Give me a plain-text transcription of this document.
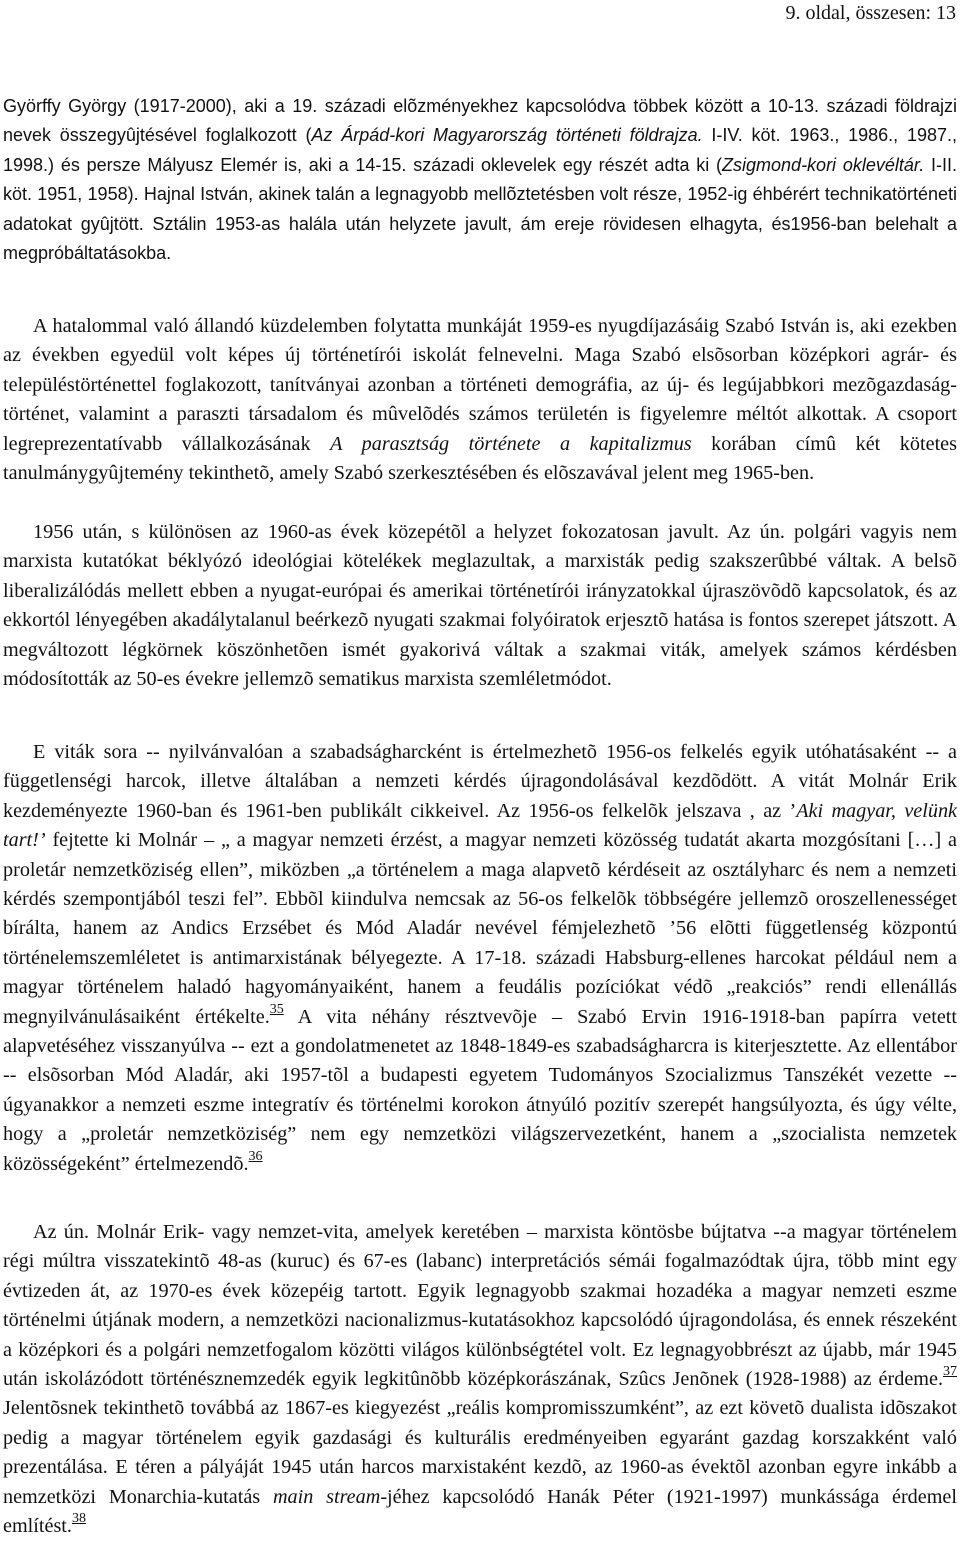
9. oldal, összesen: 13
Györffy György (1917-2000), aki a 19. századi elõzményekhez kapcsolódva többek között a 10-13. századi földrajzi nevek összegyûjtésével foglalkozott (Az Árpád-kori Magyarország történeti földrajza. I-IV. köt. 1963., 1986., 1987., 1998.) és persze Mályusz Elemér is, aki a 14-15. századi oklevelek egy részét adta ki (Zsigmond-kori oklevéltár. I-II. köt. 1951, 1958). Hajnal István, akinek talán a legnagyobb mellõztetésben volt része, 1952-ig éhbérért technikatörténeti adatokat gyûjtött. Sztálin 1953-as halála után helyzete javult, ám ereje rövidesen elhagyta, és1956-ban belehalt a megpróbáltatásokba.
A hatalommal való állandó küzdelemben folytatta munkáját 1959-es nyugdíjazásáig Szabó István is, aki ezekben az években egyedül volt képes új történetírói iskolát felnevelni. Maga Szabó elsõsorban középkori agrár- és településtörténettel foglakozott, tanítványai azonban a történeti demográfia, az új- és legújabbkori mezõgazdaság-történet, valamint a paraszti társadalom és mûvelõdés számos területén is figyelemre méltót alkottak. A csoport legreprezentatívabb vállalkozásának A parasztság története a kapitalizmus korában címû két kötetes tanulmánygyûjtemény tekinthetõ, amely Szabó szerkesztésében és elõszavával jelent meg 1965-ben.
1956 után, s különösen az 1960-as évek közepétõl a helyzet fokozatosan javult. Az ún. polgári vagyis nem marxista kutatókat béklyózó ideológiai kötelékek meglazultak, a marxisták pedig szakszerûbbé váltak. A belsõ liberalizálódás mellett ebben a nyugat-európai és amerikai történetírói irányzatokkal újraszövõdõ kapcsolatok, és az ekkortól lényegében akadálytalanul beérkezõ nyugati szakmai folyóiratok erjesztõ hatása is fontos szerepet játszott. A megváltozott légkörnek köszönhetõen ismét gyakorivá váltak a szakmai viták, amelyek számos kérdésben módosították az 50-es évekre jellemzõ sematikus marxista szemléletmódot.
E viták sora -- nyilvánvalóan a szabadságharcként is értelmezhetõ 1956-os felkelés egyik utóhatásaként -- a függetlenségi harcok, illetve általában a nemzeti kérdés újragondolásával kezdõdött. A vitát Molnár Erik kezdeményezte 1960-ban és 1961-ben publikált cikkeivel. Az 1956-os felkelõk jelszava , az ’Aki magyar, velünk tart!’ fejtette ki Molnár – „ a magyar nemzeti érzést, a magyar nemzeti közösség tudatát akarta mozgósítani […] a proletár nemzetköziség ellen”, miközben „a történelem a maga alapvetõ kérdéseit az osztályharc és nem a nemzeti kérdés szempontjából teszi fel”. Ebbõl kiindulva nemcsak az 56-os felkelõk többségére jellemzõ oroszellenességet bírálta, hanem az Andics Erzsébet és Mód Aladár nevével fémjelezhetõ ’56 elõtti függetlenség központú történelemszemléletet is antimarxistának bélyegezte. A 17-18. századi Habsburg-ellenes harcokat például nem a magyar történelem haladó hagyományaiként, hanem a feudális pozíciókat védõ „reakciós” rendi ellenállás megnyilvánulásaiként értékelte.$^{35}$ A vita néhány résztvevõje – Szabó Ervin 1916-1918-ban papírra vetett alapvetéséhez visszanyúlva -- ezt a gondolatmenetet az 1848-1849-es szabadságharcra is kiterjesztette. Az ellentábor -- elsõsorban Mód Aladár, aki 1957-tõl a budapesti egyetem Tudományos Szocializmus Tanszékét vezette -- úgyanakkor a nemzeti eszme integratív és történelmi korokon átnyúló pozitív szerepét hangsúlyozta, és úgy vélte, hogy a „proletár nemzetköziség” nem egy nemzetközi világszervezetként, hanem a „szocialista nemzetek közösségeként” értelmezendõ.$^{36}$
Az ún. Molnár Erik- vagy nemzet-vita, amelyek keretében – marxista köntösbe bújtatva --a magyar történelem régi múltra visszatekintõ 48-as (kuruc) és 67-es (labanc) interpretációs sémái fogalmazódtak újra, több mint egy évtizeden át, az 1970-es évek közepéig tartott. Egyik legnagyobb szakmai hozadéka a magyar nemzeti eszme történelmi útjának modern, a nemzetközi nacionalizmus-kutatásokhoz kapcsolódó újragondolása, és ennek részeként a középkori és a polgári nemzetfogalom közötti világos különbségtétel volt. Ez legnagyobbrészt az újabb, már 1945 után iskolázódott történésznemzedék egyik legkitûnõbb középkorászának, Szûcs Jenõnek (1928-1988) az érdeme.$^{37}$ Jelentõsnek tekinthetõ továbbá az 1867-es kiegyezést „reális kompromisszumként”, az ezt követõ dualista idõszakot pedig a magyar történelem egyik gazdasági és kulturális eredményeiben egyaránt gazdag korszakként való prezentálása. E téren a pályáját 1945 után harcos marxistaként kezdõ, az 1960-as évektõl azonban egyre inkább a nemzetközi Monarchia-kutatás main stream-jéhez kapcsolódó Hanák Péter (1921-1997) munkássága érdemel említést.$^{38}$
